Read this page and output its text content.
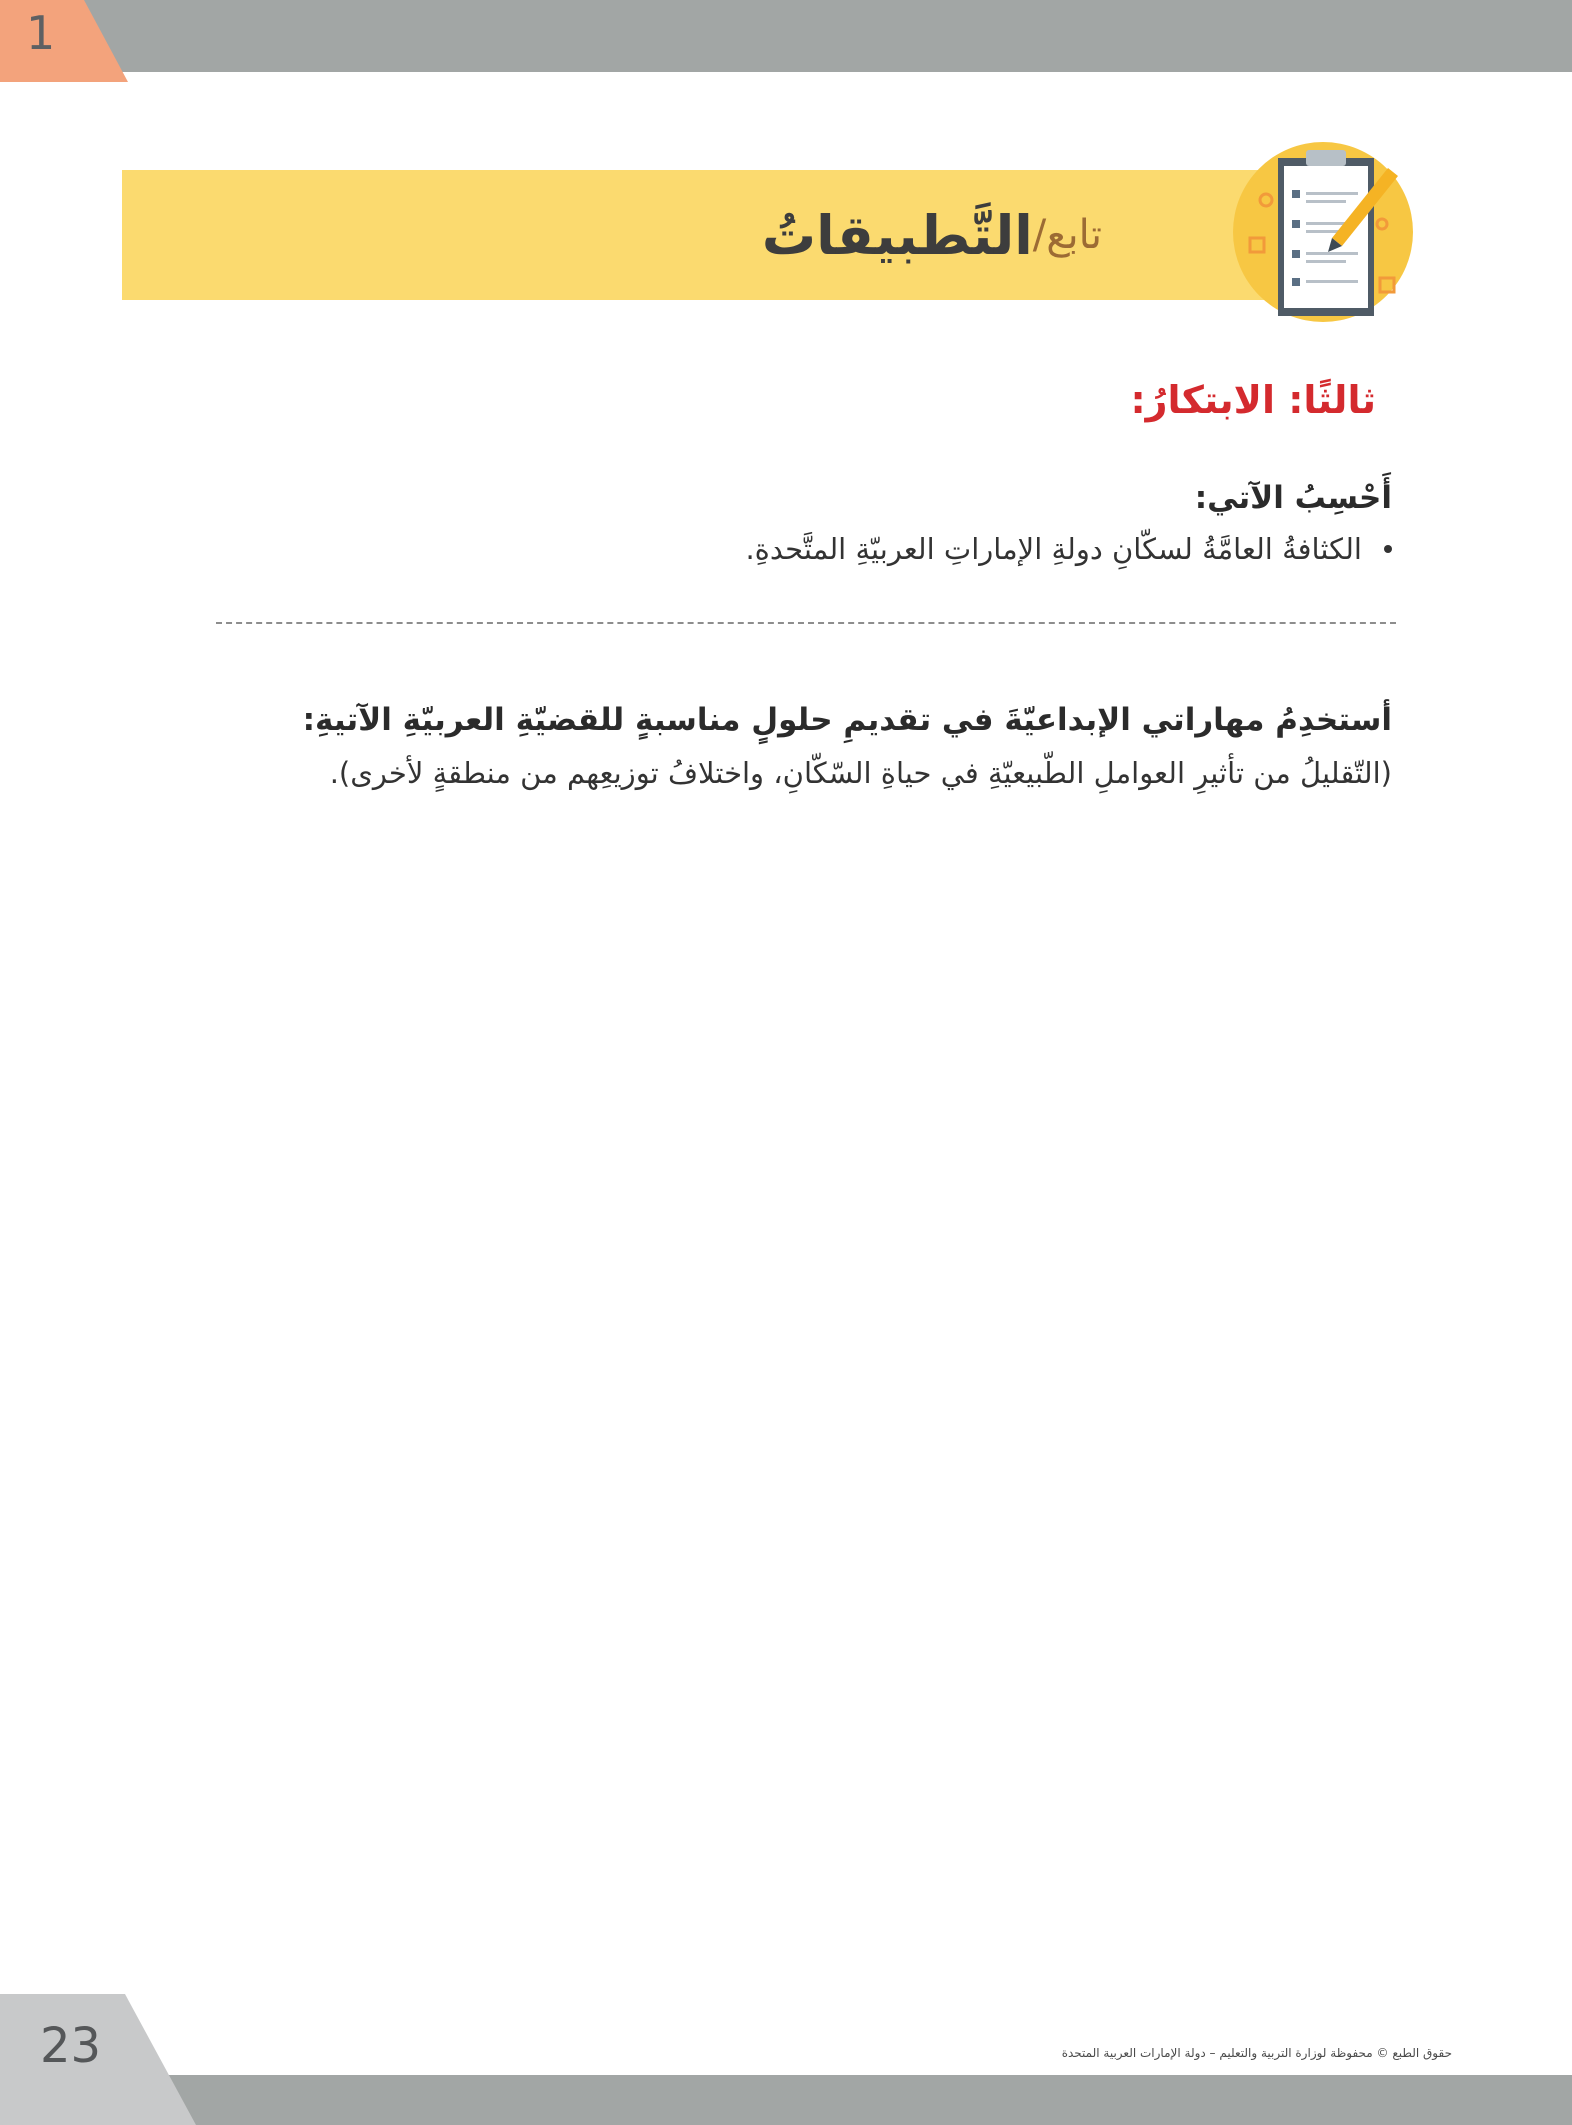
1
تابع/
التَّطبيقاتُ
ثالثًا: الابتكارُ:
أَحْسِبُ الآتي:
الكثافةُ العامَّةُ لسكّانِ دولةِ الإماراتِ العربيّةِ المتَّحدةِ.
أستخدِمُ مهاراتي الإبداعيّةَ في تقديمِ حلولٍ مناسبةٍ للقضيّةِ العربيّةِ الآتيةِ:
(التّقليلُ من تأثيرِ العواملِ الطّبيعيّةِ في حياةِ السّكّانِ، واختلافُ توزيعِهم من منطقةٍ لأخرى).
23	حقوق الطبع © محفوظة لوزارة التربية والتعليم – دولة الإمارات العربية المتحدة
